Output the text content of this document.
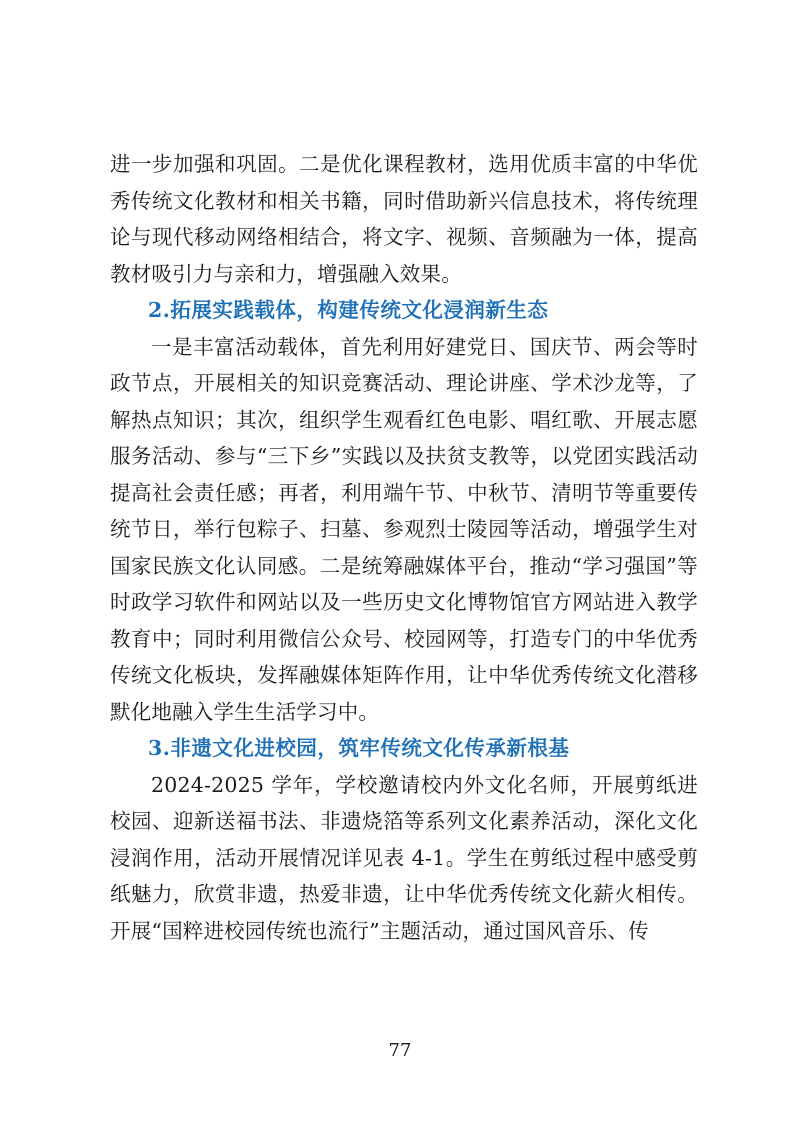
进一步加强和巩固。二是优化课程教材，选用优质丰富的中华优秀传统文化教材和相关书籍，同时借助新兴信息技术，将传统理论与现代移动网络相结合，将文字、视频、音频融为一体，提高教材吸引力与亲和力，增强融入效果。

2.拓展实践载体，构建传统文化浸润新生态

一是丰富活动载体，首先利用好建党日、国庆节、两会等时政节点，开展相关的知识竞赛活动、理论讲座、学术沙龙等，了解热点知识；其次，组织学生观看红色电影、唱红歌、开展志愿服务活动、参与“三下乡”实践以及扶贫支教等，以党团实践活动提高社会责任感；再者，利用端午节、中秋节、清明节等重要传统节日，举行包粽子、扫墓、参观烈士陵园等活动，增强学生对国家民族文化认同感。二是统筹融媒体平台，推动“学习强国”等时政学习软件和网站以及一些历史文化博物馆官方网站进入教学教育中；同时利用微信公众号、校园网等，打造专门的中华优秀传统文化板块，发挥融媒体矩阵作用，让中华优秀传统文化潜移默化地融入学生生活学习中。

3.非遗文化进校园，筑牢传统文化传承新根基

2024-2025 学年，学校邀请校内外文化名师，开展剪纸进校园、迎新送福书法、非遗烧箔等系列文化素养活动，深化文化浸润作用，活动开展情况详见表 4-1。学生在剪纸过程中感受剪纸魅力，欣赏非遗，热爱非遗，让中华优秀传统文化薪火相传。开展“国粹进校园传统也流行”主题活动，通过国风音乐、传

77
